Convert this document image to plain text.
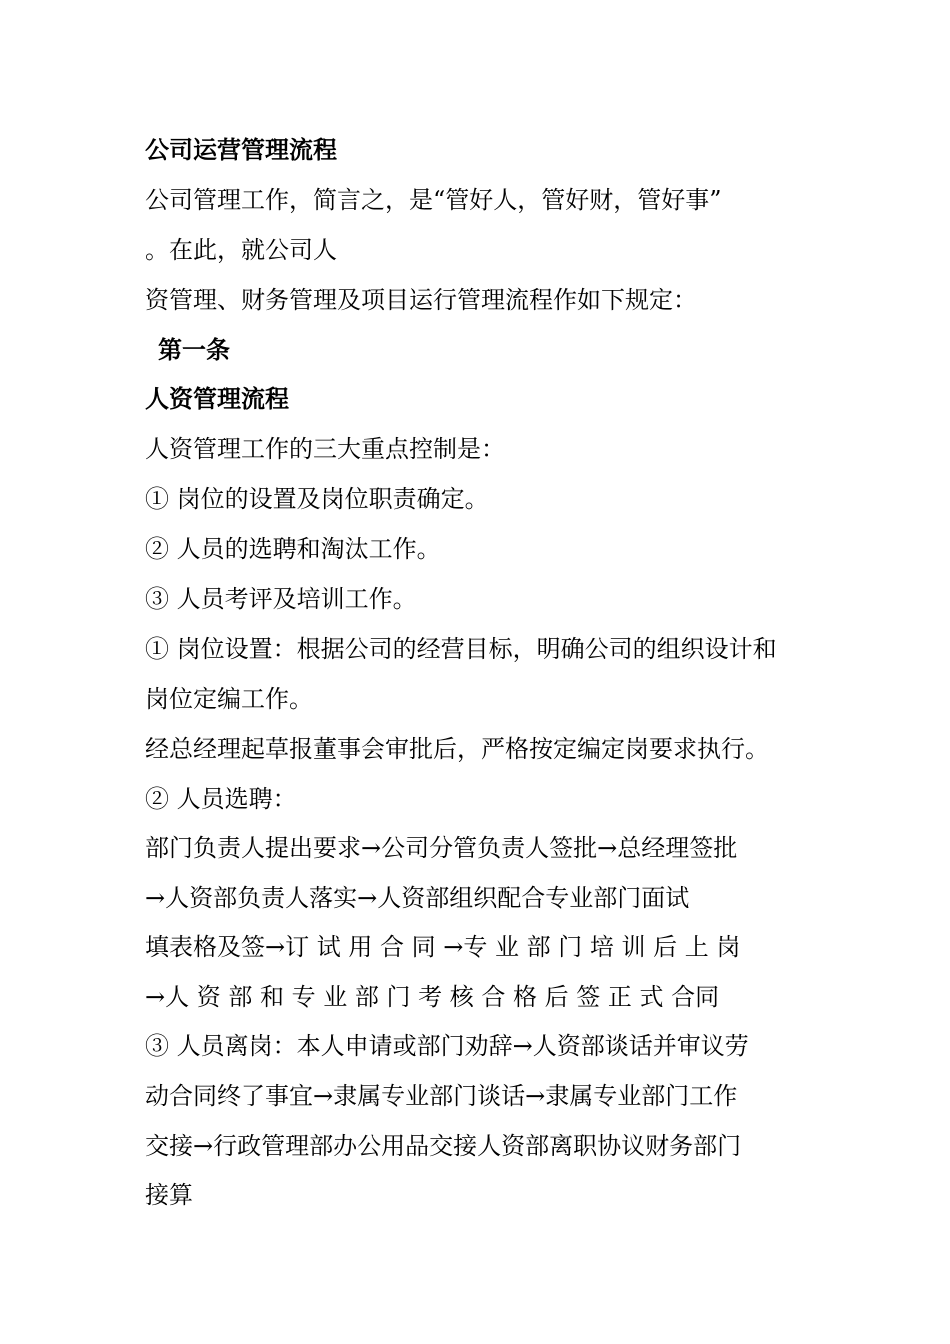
公司运营管理流程
公司管理工作，简言之，是“管好人，管好财，管好事”
。在此，就公司人
资管理、财务管理及项目运行管理流程作如下规定：
第一条
人资管理流程
人资管理工作的三大重点控制是：
① 岗位的设置及岗位职责确定。
② 人员的选聘和淘汰工作。
③ 人员考评及培训工作。
① 岗位设置：根据公司的经营目标，明确公司的组织设计和
岗位定编工作。
经总经理起草报董事会审批后，严格按定编定岗要求执行。
② 人员选聘：
部门负责人提出要求→公司分管负责人签批→总经理签批
→人资部负责人落实→人资部组织配合专业部门面试
填表格及签→订 试 用 合 同 →专 业 部 门 培 训 后 上 岗
→人 资 部 和 专 业 部 门 考 核 合 格 后 签 正 式 合同
③ 人员离岗：本人申请或部门劝辞→人资部谈话并审议劳
动合同终了事宜→隶属专业部门谈话→隶属专业部门工作
交接→行政管理部办公用品交接人资部离职协议财务部门
接算
